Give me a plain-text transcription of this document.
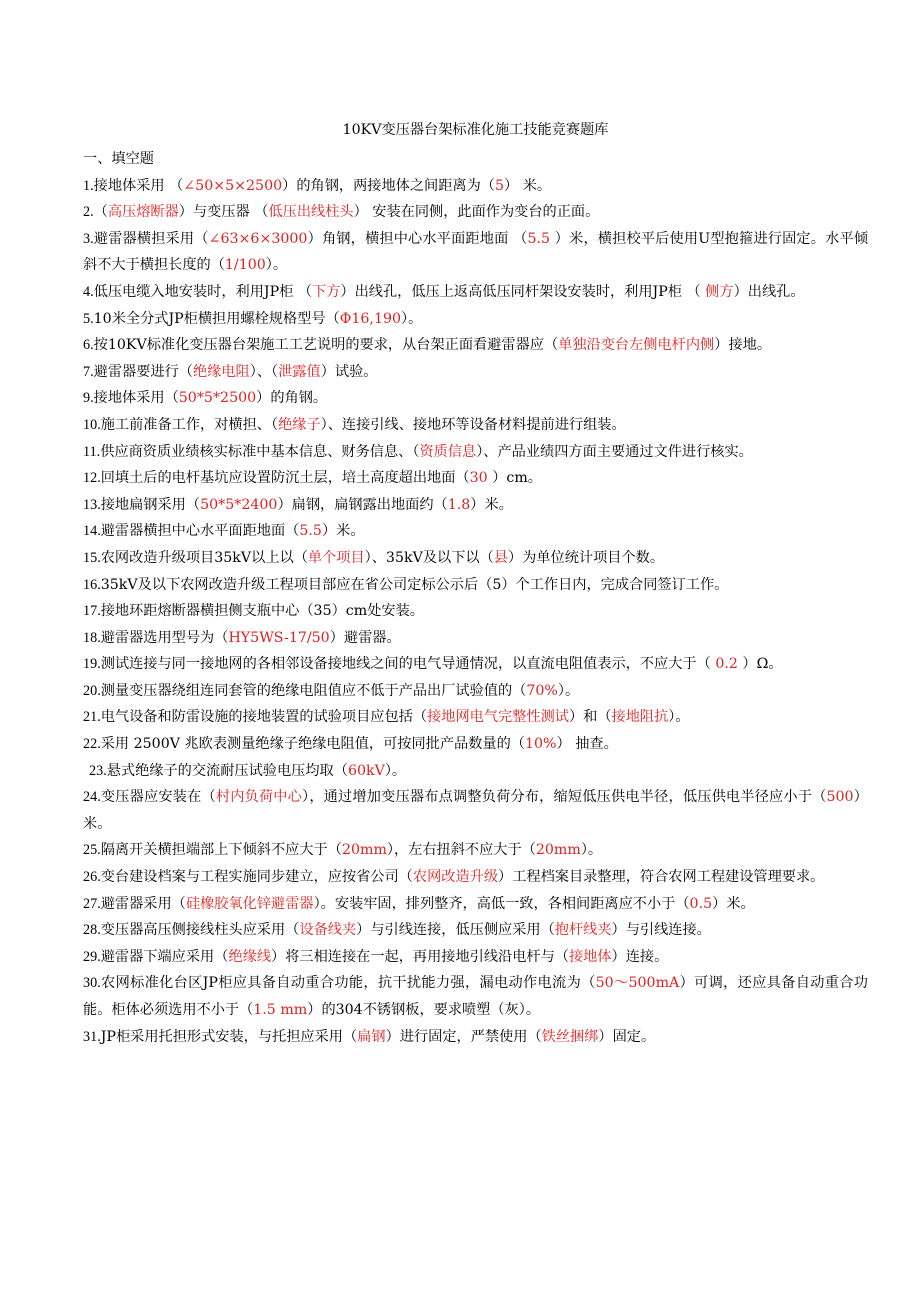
10KV变压器台架标准化施工技能竞赛题库
一、填空题
1.接地体采用 （∠50×5×2500）的角钢，两接地体之间距离为（5） 米。
2.（高压熔断器）与变压器 （低压出线柱头） 安装在同侧，此面作为变台的正面。
3.避雷器横担采用（∠63×6×3000）角钢，横担中心水平面距地面 （5.5 ）米，横担校平后使用U型抱箍进行固定。水平倾斜不大于横担长度的（1/100）。
4.低压电缆入地安装时，利用JP柜 （下方）出线孔，低压上返高低压同杆架设安装时，利用JP柜 （ 侧方）出线孔。
5.10米全分式JP柜横担用螺栓规格型号（Φ16,190）。
6.按10KV标准化变压器台架施工工艺说明的要求，从台架正面看避雷器应（单独沿变台左侧电杆内侧）接地。
7.避雷器要进行（绝缘电阻）、（泄露值）试验。
9.接地体采用（50*5*2500）的角钢。
10.施工前准备工作，对横担、（绝缘子）、连接引线、接地环等设备材料提前进行组装。
11.供应商资质业绩核实标准中基本信息、财务信息、（资质信息）、产品业绩四方面主要通过文件进行核实。
12.回填土后的电杆基坑应设置防沉土层，培土高度超出地面（30 ）cm。
13.接地扁钢采用（50*5*2400）扁钢，扁钢露出地面约（1.8）米。
14.避雷器横担中心水平面距地面（5.5）米。
15.农网改造升级项目35kV以上以（单个项目）、35kV及以下以（县）为单位统计项目个数。
16.35kV及以下农网改造升级工程项目部应在省公司定标公示后（5）个工作日内，完成合同签订工作。
17.接地环距熔断器横担侧支瓶中心（35）cm处安装。
18.避雷器选用型号为（HY5WS-17/50）避雷器。
19.测试连接与同一接地网的各相邻设备接地线之间的电气导通情况，以直流电阻值表示，不应大于（ 0.2 ）Ω。
20.测量变压器绕组连同套管的绝缘电阻值应不低于产品出厂试验值的（70%）。
21.电气设备和防雷设施的接地装置的试验项目应包括（接地网电气完整性测试）和（接地阻抗）。
22.采用 2500V 兆欧表测量绝缘子绝缘电阻值，可按同批产品数量的（10%） 抽查。
23.悬式绝缘子的交流耐压试验电压均取（60kV）。
24.变压器应安装在（村内负荷中心），通过增加变压器布点调整负荷分布，缩短低压供电半径，低压供电半径应小于（500）米。
25.隔离开关横担端部上下倾斜不应大于（20mm），左右扭斜不应大于（20mm）。
26.变台建设档案与工程实施同步建立，应按省公司（农网改造升级）工程档案目录整理，符合农网工程建设管理要求。
27.避雷器采用（硅橡胶氧化锌避雷器）。安装牢固，排列整齐，高低一致，各相间距离应不小于（0.5）米。
28.变压器高压侧接线柱头应采用（设备线夹）与引线连接，低压侧应采用（抱杆线夹）与引线连接。
29.避雷器下端应采用（绝缘线）将三相连接在一起，再用接地引线沿电杆与（接地体）连接。
30.农网标准化台区JP柜应具备自动重合功能，抗干扰能力强，漏电动作电流为（50～500mA）可调，还应具备自动重合功能。柜体必须选用不小于（1.5 mm）的304不锈钢板，要求喷塑（灰）。
31.JP柜采用托担形式安装，与托担应采用（扁钢）进行固定，严禁使用（铁丝捆绑）固定。
